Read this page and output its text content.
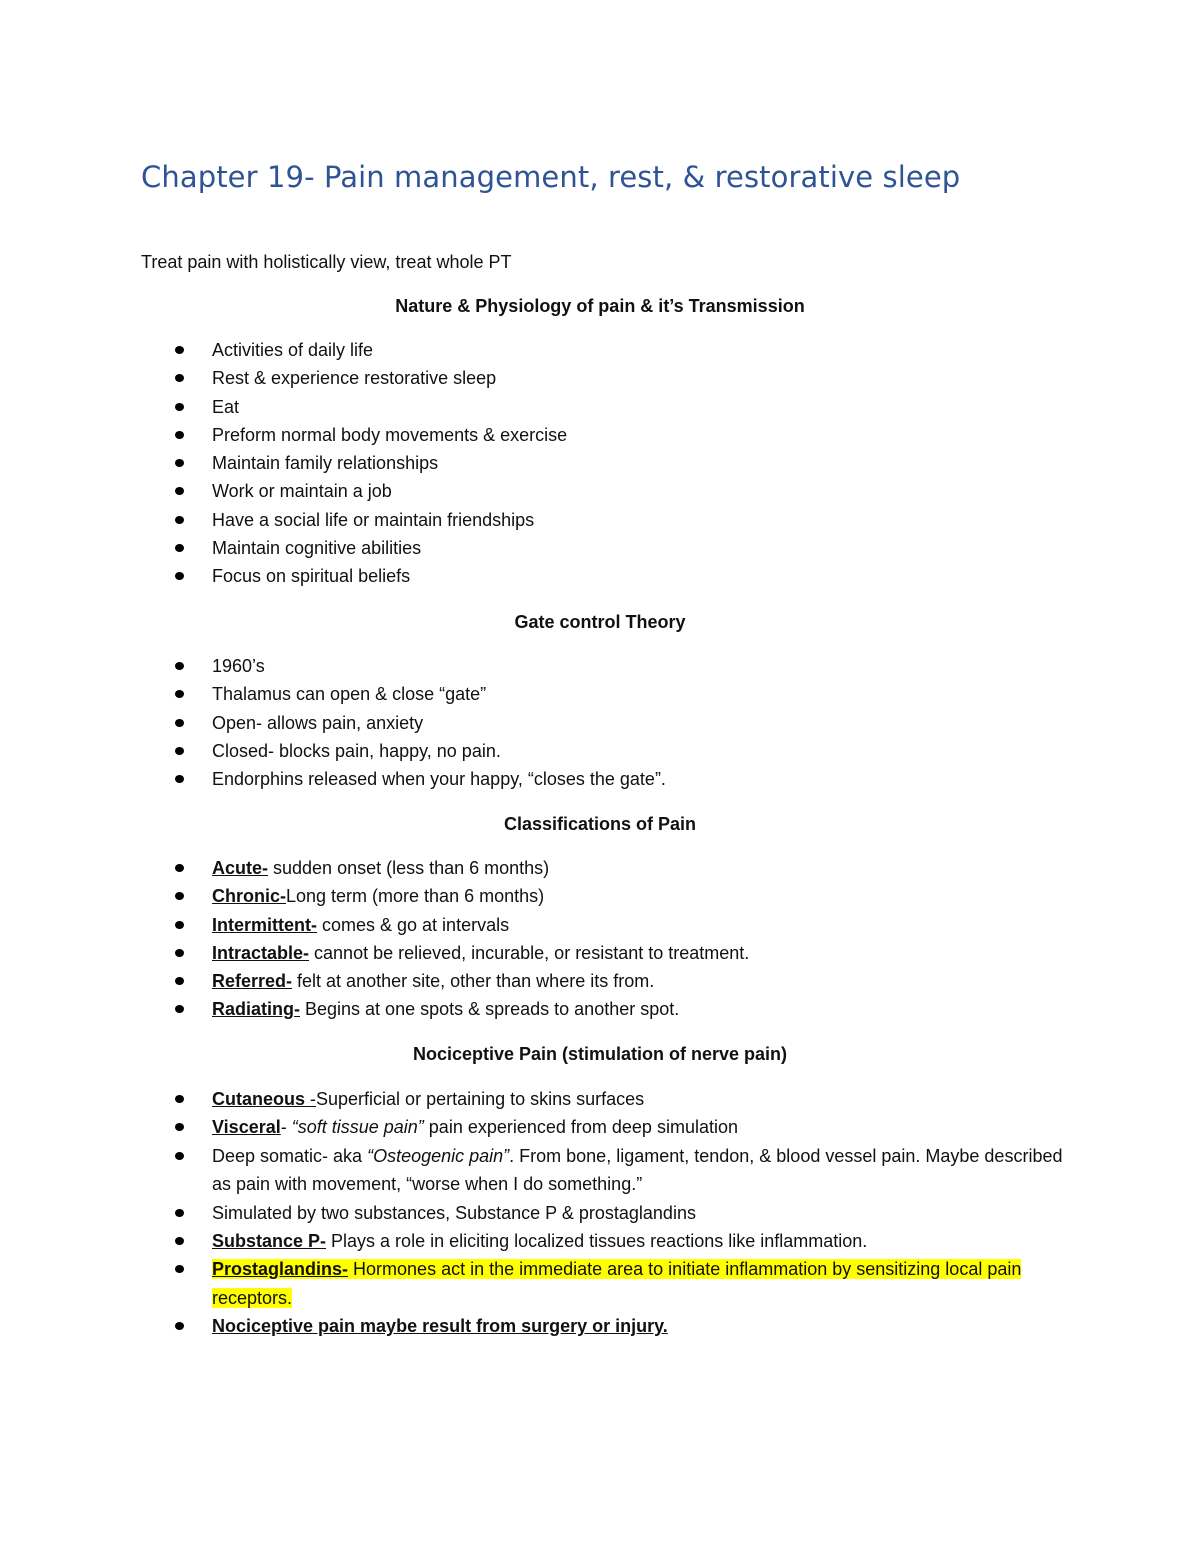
Chapter 19- Pain management, rest, & restorative sleep
Treat pain with holistically view, treat whole PT
Nature & Physiology of pain & it’s Transmission
Activities of daily life
Rest & experience restorative sleep
Eat
Preform normal body movements & exercise
Maintain family relationships
Work or maintain a job
Have a social life or maintain friendships
Maintain cognitive abilities
Focus on spiritual beliefs
Gate control Theory
1960’s
Thalamus can open & close “gate”
Open- allows pain, anxiety
Closed- blocks pain, happy, no pain.
Endorphins released when your happy, “closes the gate”.
Classifications of Pain
Acute- sudden onset (less than 6 months)
Chronic-Long term (more than 6 months)
Intermittent- comes & go at intervals
Intractable- cannot be relieved, incurable, or resistant to treatment.
Referred- felt at another site, other than where its from.
Radiating- Begins at one spots & spreads to another spot.
Nociceptive Pain (stimulation of nerve pain)
Cutaneous -Superficial or pertaining to skins surfaces
Visceral- “soft tissue pain” pain experienced from deep simulation
Deep somatic- aka “Osteogenic pain”. From bone, ligament, tendon, & blood vessel pain. Maybe described as pain with movement, “worse when I do something.”
Simulated by two substances, Substance P & prostaglandins
Substance P- Plays a role in eliciting localized tissues reactions like inflammation.
Prostaglandins- Hormones act in the immediate area to initiate inflammation by sensitizing local pain receptors.
Nociceptive pain maybe result from surgery or injury.
